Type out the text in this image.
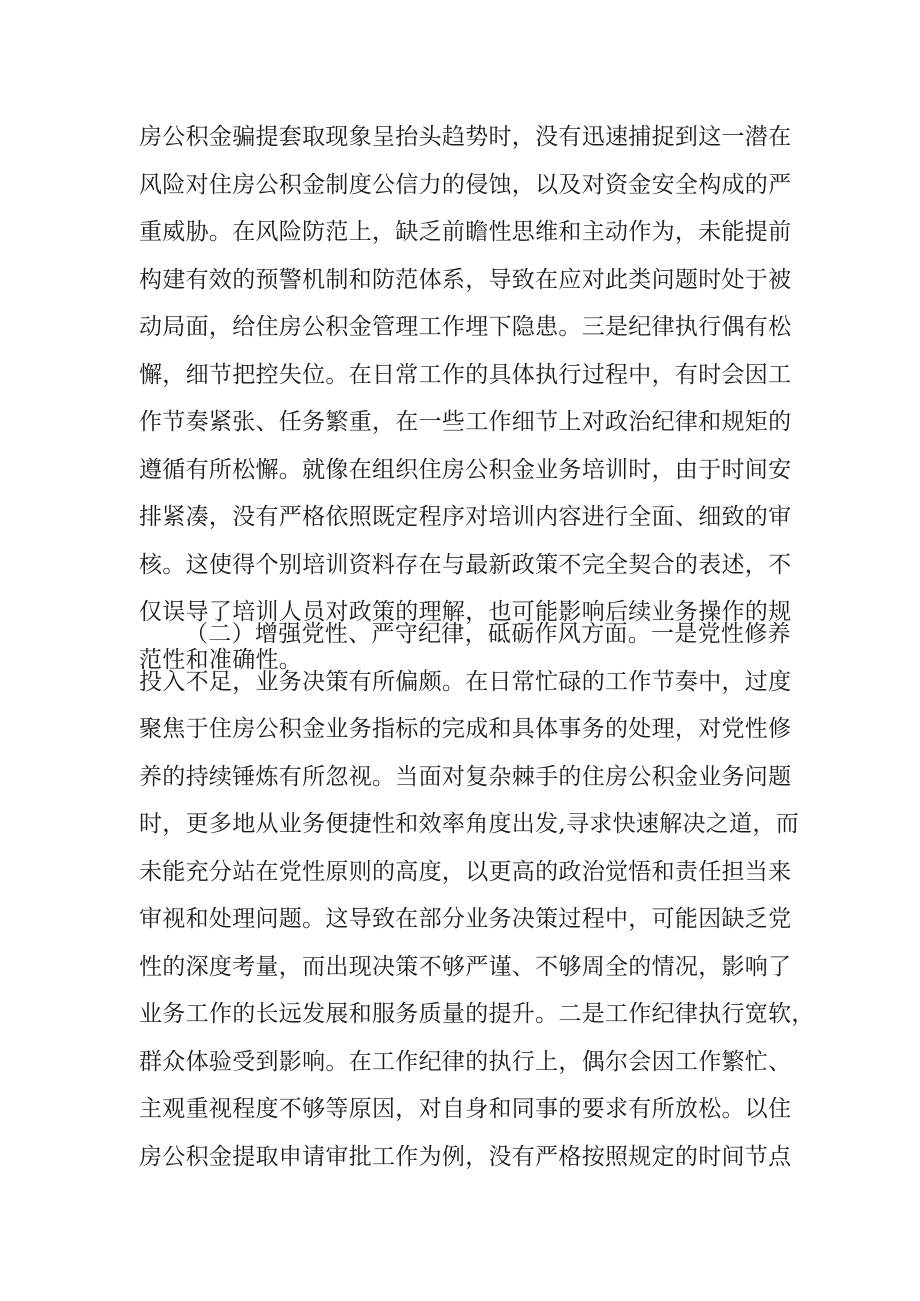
房公积金骗提套取现象呈抬头趋势时，没有迅速捕捉到这一潜在
风险对住房公积金制度公信力的侵蚀，以及对资金安全构成的严
重威胁。在风险防范上，缺乏前瞻性思维和主动作为，未能提前
构建有效的预警机制和防范体系，导致在应对此类问题时处于被
动局面，给住房公积金管理工作埋下隐患。三是纪律执行偶有松
懈，细节把控失位。在日常工作的具体执行过程中，有时会因工
作节奏紧张、任务繁重，在一些工作细节上对政治纪律和规矩的
遵循有所松懈。就像在组织住房公积金业务培训时，由于时间安
排紧凑，没有严格依照既定程序对培训内容进行全面、细致的审
核。这使得个别培训资料存在与最新政策不完全契合的表述，不
仅误导了培训人员对政策的理解，也可能影响后续业务操作的规
范性和准确性。
（二）增强党性、严守纪律，砥砺作风方面。一是党性修养
投入不足，业务决策有所偏颇。在日常忙碌的工作节奏中，过度
聚焦于住房公积金业务指标的完成和具体事务的处理，对党性修
养的持续锤炼有所忽视。当面对复杂棘手的住房公积金业务问题
时，更多地从业务便捷性和效率角度出发,寻求快速解决之道，而
未能充分站在党性原则的高度，以更高的政治觉悟和责任担当来
审视和处理问题。这导致在部分业务决策过程中，可能因缺乏党
性的深度考量，而出现决策不够严谨、不够周全的情况，影响了
业务工作的长远发展和服务质量的提升。二是工作纪律执行宽软，
群众体验受到影响。在工作纪律的执行上，偶尔会因工作繁忙、
主观重视程度不够等原因，对自身和同事的要求有所放松。以住
房公积金提取申请审批工作为例，没有严格按照规定的时间节点
